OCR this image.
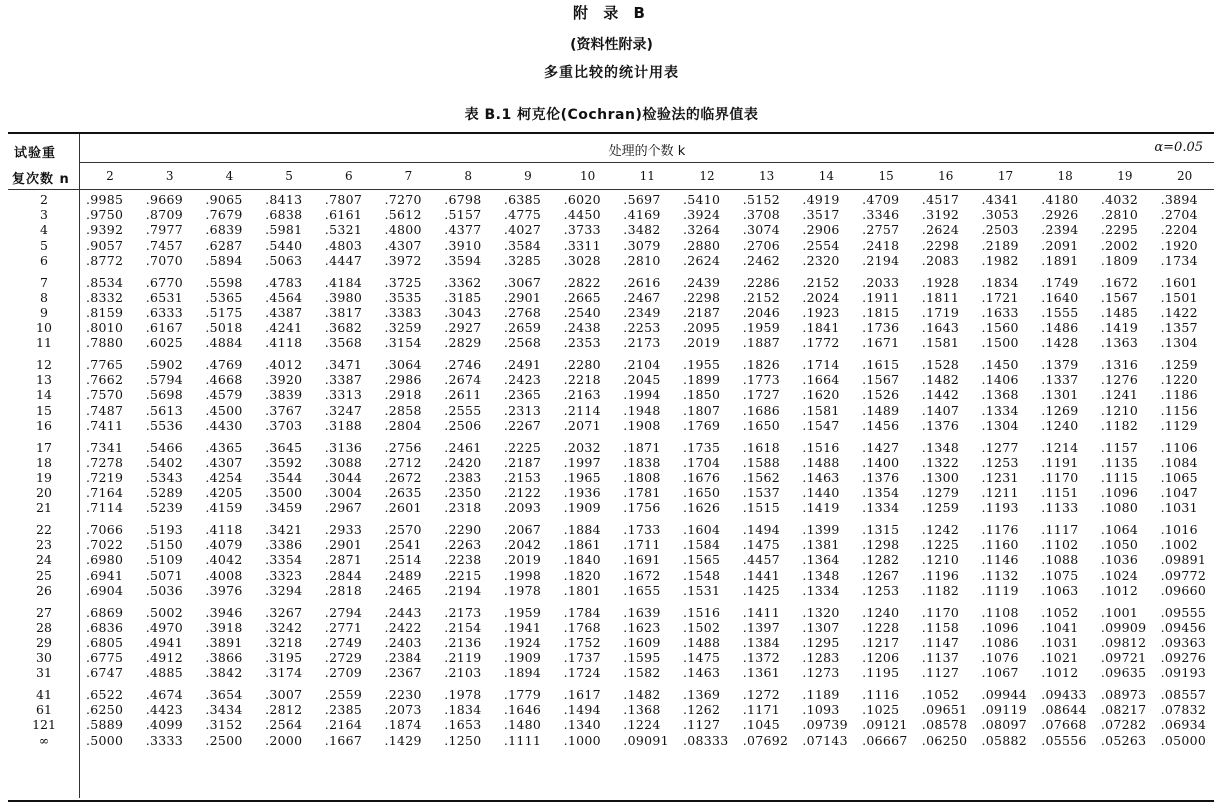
附 录 B
(资料性附录)
多重比较的统计用表
表 B.1 柯克伦(Cochran)检验法的临界值表
试验重
复次数 n
处理的个数 k	α=0.05
2	3	4	5	6	7	8	9	10	11	12	13	14	15	16	17	18	19	20
2	.9985 .9669 .9065 .8413 .7807 .7270 .6798 .6385 .6020 .5697 .5410 .5152 .4919 .4709 .4517 .4341 .4180 .4032 .3894
3	.9750 .8709 .7679 .6838 .6161 .5612 .5157 .4775 .4450 .4169 .3924 .3708 .3517 .3346 .3192 .3053 .2926 .2810 .2704
4	.9392 .7977 .6839 .5981 .5321 .4800 .4377 .4027 .3733 .3482 .3264 .3074 .2906 .2757 .2624 .2503 .2394 .2295 .2204
5	.9057 .7457 .6287 .5440 .4803 .4307 .3910 .3584 .3311 .3079 .2880 .2706 .2554 .2418 .2298 .2189 .2091 .2002 .1920
6	.8772 .7070 .5894 .5063 .4447 .3972 .3594 .3285 .3028 .2810 .2624 .2462 .2320 .2194 .2083 .1982 .1891 .1809 .1734
7	.8534 .6770 .5598 .4783 .4184 .3725 .3362 .3067 .2822 .2616 .2439 .2286 .2152 .2033 .1928 .1834 .1749 .1672 .1601
8	.8332 .6531 .5365 .4564 .3980 .3535 .3185 .2901 .2665 .2467 .2298 .2152 .2024 .1911 .1811 .1721 .1640 .1567 .1501
9	.8159 .6333 .5175 .4387 .3817 .3383 .3043 .2768 .2540 .2349 .2187 .2046 .1923 .1815 .1719 .1633 .1555 .1485 .1422
10	.8010 .6167 .5018 .4241 .3682 .3259 .2927 .2659 .2438 .2253 .2095 .1959 .1841 .1736 .1643 .1560 .1486 .1419 .1357
11	.7880 .6025 .4884 .4118 .3568 .3154 .2829 .2568 .2353 .2173 .2019 .1887 .1772 .1671 .1581 .1500 .1428 .1363 .1304
12	.7765 .5902 .4769 .4012 .3471 .3064 .2746 .2491 .2280 .2104 .1955 .1826 .1714 .1615 .1528 .1450 .1379 .1316 .1259
13	.7662 .5794 .4668 .3920 .3387 .2986 .2674 .2423 .2218 .2045 .1899 .1773 .1664 .1567 .1482 .1406 .1337 .1276 .1220
14	.7570 .5698 .4579 .3839 .3313 .2918 .2611 .2365 .2163 .1994 .1850 .1727 .1620 .1526 .1442 .1368 .1301 .1241 .1186
15	.7487 .5613 .4500 .3767 .3247 .2858 .2555 .2313 .2114 .1948 .1807 .1686 .1581 .1489 .1407 .1334 .1269 .1210 .1156
16	.7411 .5536 .4430 .3703 .3188 .2804 .2506 .2267 .2071 .1908 .1769 .1650 .1547 .1456 .1376 .1304 .1240 .1182 .1129
17	.7341 .5466 .4365 .3645 .3136 .2756 .2461 .2225 .2032 .1871 .1735 .1618 .1516 .1427 .1348 .1277 .1214 .1157 .1106
18	.7278 .5402 .4307 .3592 .3088 .2712 .2420 .2187 .1997 .1838 .1704 .1588 .1488 .1400 .1322 .1253 .1191 .1135 .1084
19	.7219 .5343 .4254 .3544 .3044 .2672 .2383 .2153 .1965 .1808 .1676 .1562 .1463 .1376 .1300 .1231 .1170 .1115 .1065
20	.7164 .5289 .4205 .3500 .3004 .2635 .2350 .2122 .1936 .1781 .1650 .1537 .1440 .1354 .1279 .1211 .1151 .1096 .1047
21	.7114 .5239 .4159 .3459 .2967 .2601 .2318 .2093 .1909 .1756 .1626 .1515 .1419 .1334 .1259 .1193 .1133 .1080 .1031
22	.7066 .5193 .4118 .3421 .2933 .2570 .2290 .2067 .1884 .1733 .1604 .1494 .1399 .1315 .1242 .1176 .1117 .1064 .1016
23	.7022 .5150 .4079 .3386 .2901 .2541 .2263 .2042 .1861 .1711 .1584 .1475 .1381 .1298 .1225 .1160 .1102 .1050 .1002
24	.6980 .5109 .4042 .3354 .2871 .2514 .2238 .2019 .1840 .1691 .1565 .4457 .1364 .1282 .1210 .1146 .1088 .1036 .09891
25	.6941 .5071 .4008 .3323 .2844 .2489 .2215 .1998 .1820 .1672 .1548 .1441 .1348 .1267 .1196 .1132 .1075 .1024 .09772
26	.6904 .5036 .3976 .3294 .2818 .2465 .2194 .1978 .1801 .1655 .1531 .1425 .1334 .1253 .1182 .1119 .1063 .1012 .09660
27	.6869 .5002 .3946 .3267 .2794 .2443 .2173 .1959 .1784 .1639 .1516 .1411 .1320 .1240 .1170 .1108 .1052 .1001 .09555
28	.6836 .4970 .3918 .3242 .2771 .2422 .2154 .1941 .1768 .1623 .1502 .1397 .1307 .1228 .1158 .1096 .1041 .09909 .09456
29	.6805 .4941 .3891 .3218 .2749 .2403 .2136 .1924 .1752 .1609 .1488 .1384 .1295 .1217 .1147 .1086 .1031 .09812 .09363
30	.6775 .4912 .3866 .3195 .2729 .2384 .2119 .1909 .1737 .1595 .1475 .1372 .1283 .1206 .1137 .1076 .1021 .09721 .09276
31	.6747 .4885 .3842 .3174 .2709 .2367 .2103 .1894 .1724 .1582 .1463 .1361 .1273 .1195 .1127 .1067 .1012 .09635 .09193
41	.6522 .4674 .3654 .3007 .2559 .2230 .1978 .1779 .1617 .1482 .1369 .1272 .1189 .1116 .1052 .09944 .09433 .08973 .08557
61	.6250 .4423 .3434 .2812 .2385 .2073 .1834 .1646 .1494 .1368 .1262 .1171 .1093 .1025 .09651 .09119 .08644 .08217 .07832
121	.5889 .4099 .3152 .2564 .2164 .1874 .1653 .1480 .1340 .1224 .1127 .1045 .09739 .09121 .08578 .08097 .07668 .07282 .06934
∞	.5000 .3333 .2500 .2000 .1667 .1429 .1250 .1111 .1000 .09091 .08333 .07692 .07143 .06667 .06250 .05882 .05556 .05263 .05000
